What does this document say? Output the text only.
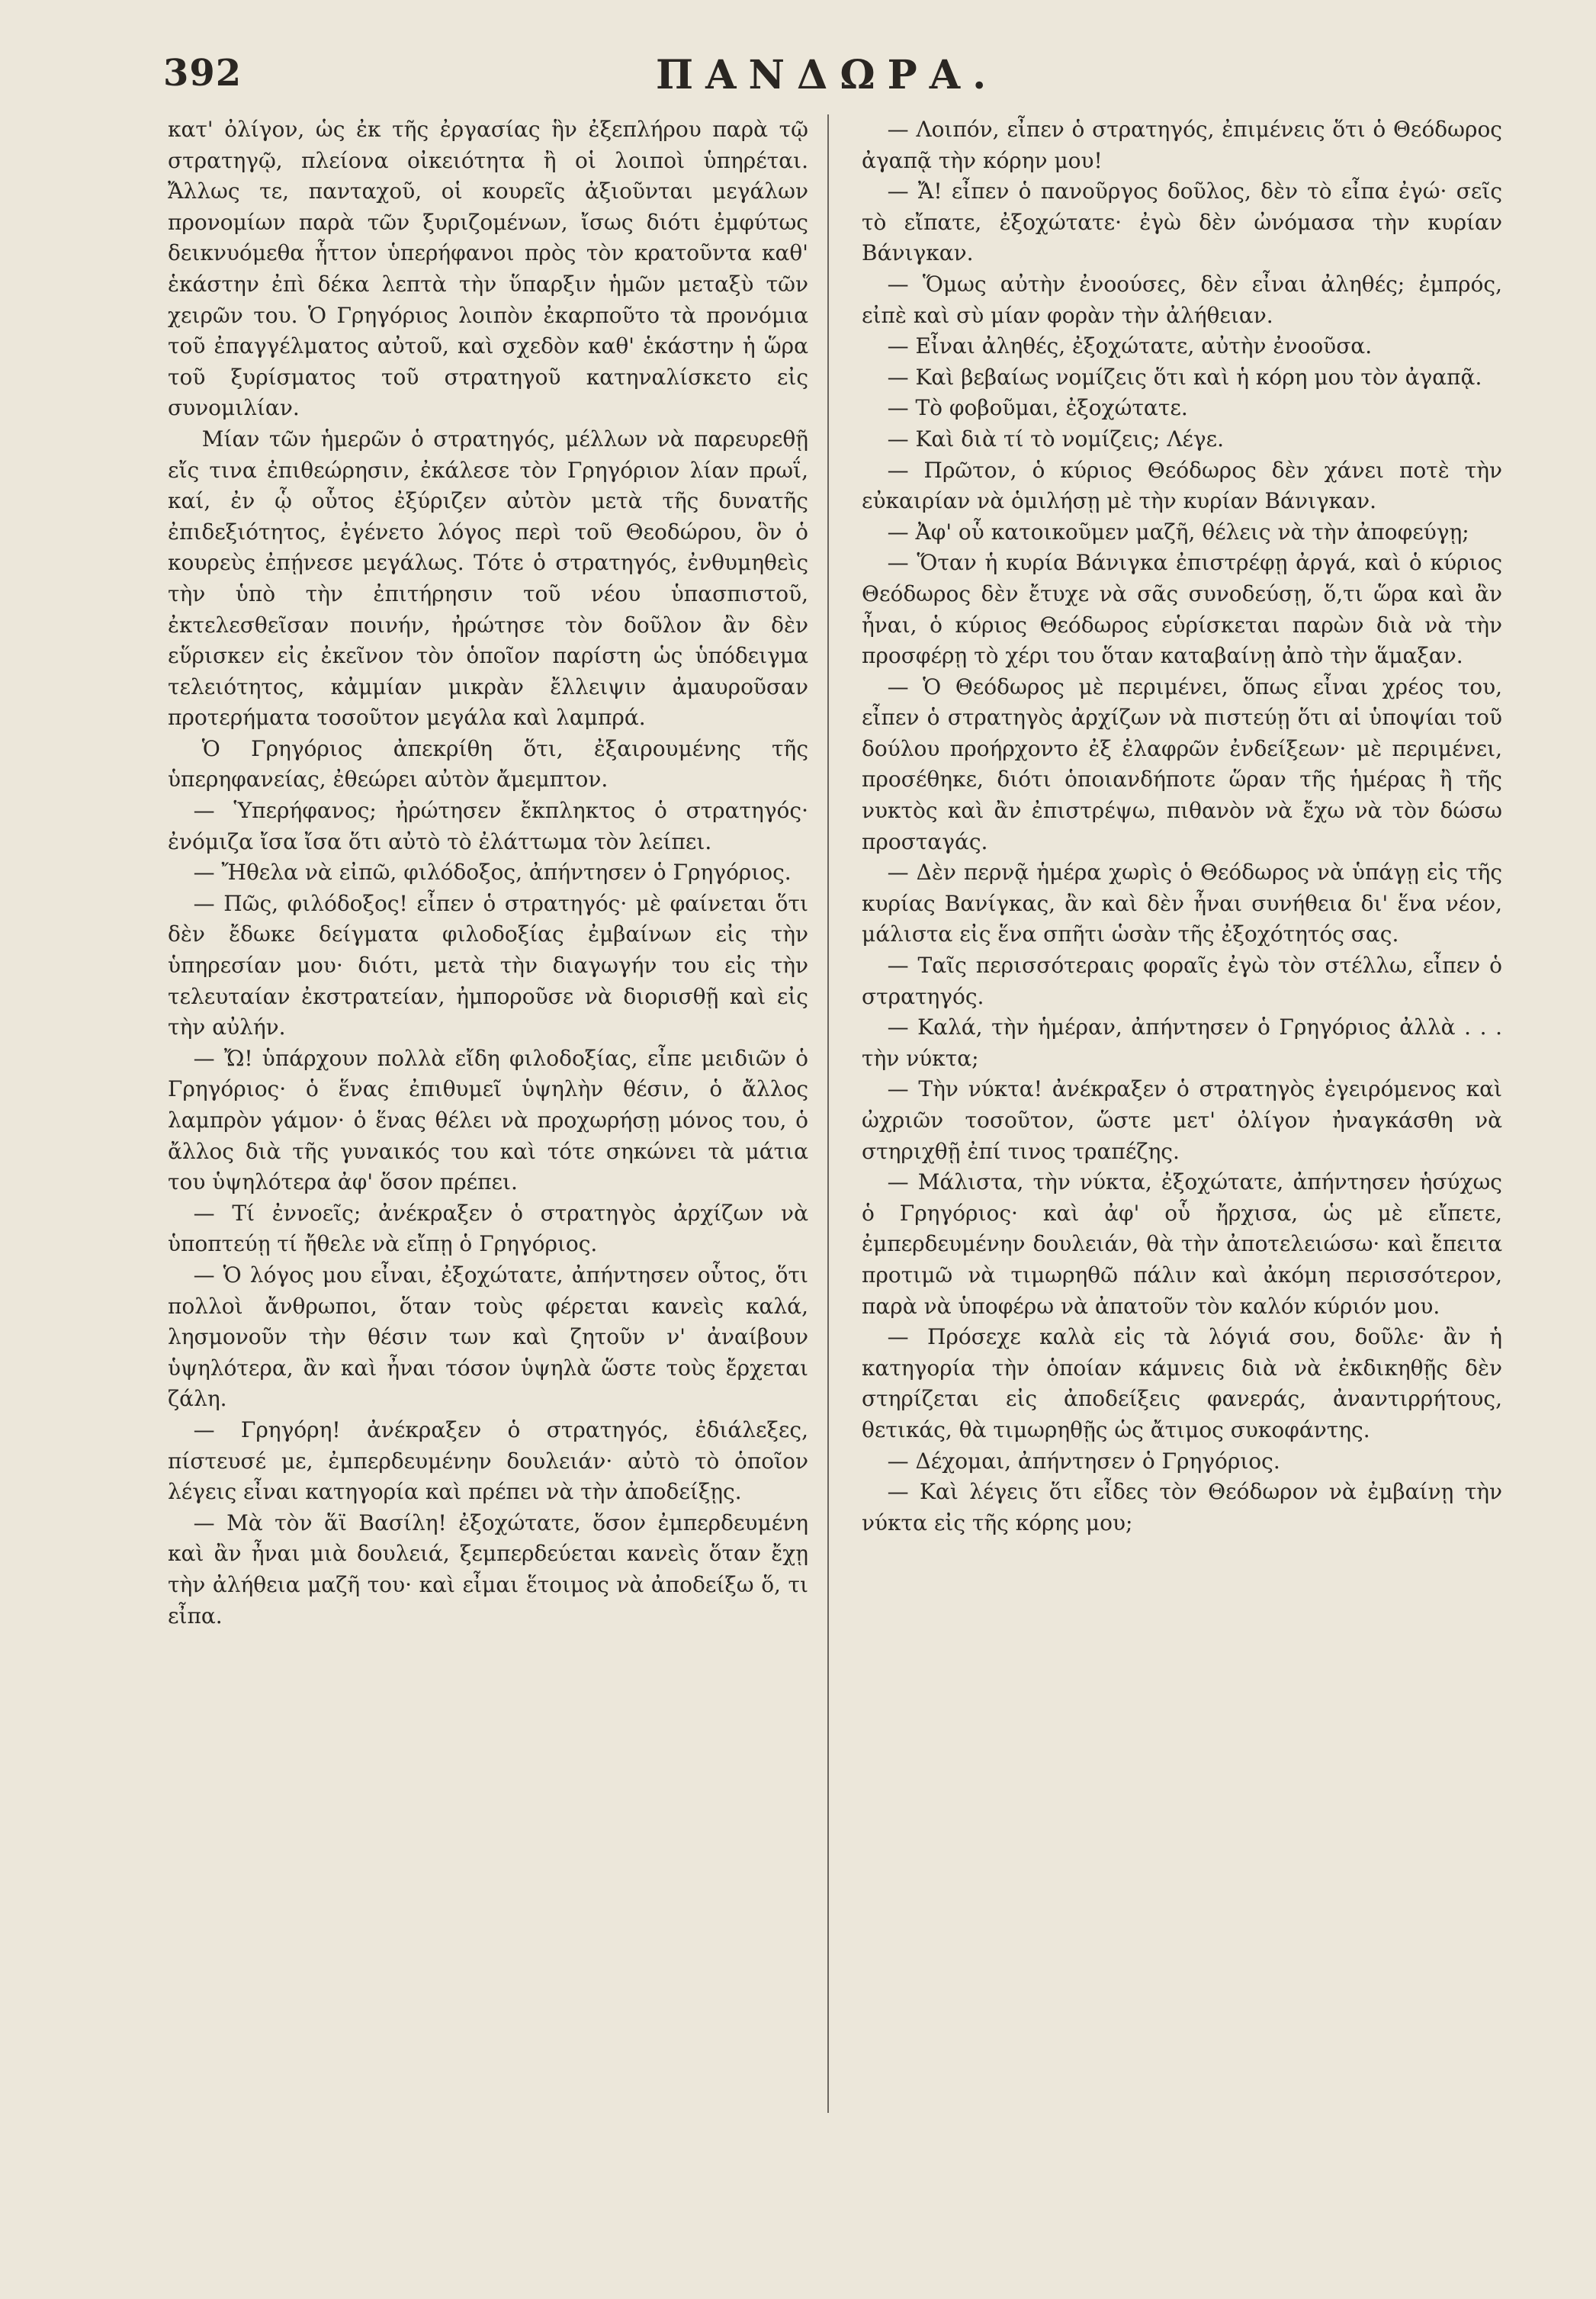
392	ΠΑΝΔΩΡΑ.

κατ' ὀλίγον, ὡς ἐκ τῆς ἐργασίας ἣν ἐξεπλήρου παρὰ τῷ στρατηγῷ, πλείονα οἰκειότητα ἢ οἱ λοιποὶ ὑπηρέται. Ἄλλως τε, πανταχοῦ, οἱ κουρεῖς ἀξιοῦνται μεγάλων προνομίων παρὰ τῶν ξυριζομένων, ἴσως διότι ἐμφύτως δεικνυόμεθα ἧττον ὑπερήφανοι πρὸς τὸν κρατοῦντα καθ' ἑκάστην ἐπὶ δέκα λεπτὰ τὴν ὕπαρξιν ἡμῶν μεταξὺ τῶν χειρῶν του. Ὁ Γρηγόριος λοιπὸν ἐκαρποῦτο τὰ προνόμια τοῦ ἐπαγγέλματος αὐτοῦ, καὶ σχεδὸν καθ' ἑκάστην ἡ ὥρα τοῦ ξυρίσματος τοῦ στρατηγοῦ κατηναλίσκετο εἰς συνομιλίαν.

Μίαν τῶν ἡμερῶν ὁ στρατηγός, μέλλων νὰ παρευρεθῇ εἴς τινα ἐπιθεώρησιν, ἐκάλεσε τὸν Γρηγόριον λίαν πρωΐ, καί, ἐν ᾧ οὗτος ἐξύριζεν αὐτὸν μετὰ τῆς δυνατῆς ἐπιδεξιότητος, ἐγένετο λόγος περὶ τοῦ Θεοδώρου, ὃν ὁ κουρεὺς ἐπῄνεσε μεγάλως. Τότε ὁ στρατηγός, ἐνθυμηθεὶς τὴν ὑπὸ τὴν ἐπιτήρησιν τοῦ νέου ὑπασπιστοῦ, ἐκτελεσθεῖσαν ποινήν, ἠρώτησε τὸν δοῦλον ἂν δὲν εὕρισκεν εἰς ἐκεῖνον τὸν ὁποῖον παρίστη ὡς ὑπόδειγμα τελειότητος, κἀμμίαν μικρὰν ἔλλειψιν ἀμαυροῦσαν προτερήματα τοσοῦτον μεγάλα καὶ λαμπρά.

Ὁ Γρηγόριος ἀπεκρίθη ὅτι, ἐξαιρουμένης τῆς ὑπερηφανείας, ἐθεώρει αὐτὸν ἄμεμπτον.

— Ὑπερήφανος; ἠρώτησεν ἔκπληκτος ὁ στρατηγός· ἐνόμιζα ἴσα ἴσα ὅτι αὐτὸ τὸ ἐλάττωμα τὸν λείπει.

— Ἤθελα νὰ εἰπῶ, φιλόδοξος, ἀπήντησεν ὁ Γρηγόριος.

— Πῶς, φιλόδοξος! εἶπεν ὁ στρατηγός· μὲ φαίνεται ὅτι δὲν ἔδωκε δείγματα φιλοδοξίας ἐμβαίνων εἰς τὴν ὑπηρεσίαν μου· διότι, μετὰ τὴν διαγωγήν του εἰς τὴν τελευταίαν ἐκστρατείαν, ἠμποροῦσε νὰ διορισθῇ καὶ εἰς τὴν αὐλήν.

— Ὤ! ὑπάρχουν πολλὰ εἴδη φιλοδοξίας, εἶπε μειδιῶν ὁ Γρηγόριος· ὁ ἕνας ἐπιθυμεῖ ὑψηλὴν θέσιν, ὁ ἄλλος λαμπρὸν γάμον· ὁ ἕνας θέλει νὰ προχωρήσῃ μόνος του, ὁ ἄλλος διὰ τῆς γυναικός του καὶ τότε σηκώνει τὰ μάτια του ὑψηλότερα ἀφ' ὅσον πρέπει.

— Τί ἐννοεῖς; ἀνέκραξεν ὁ στρατηγὸς ἀρχίζων νὰ ὑποπτεύῃ τί ἤθελε νὰ εἴπῃ ὁ Γρηγόριος.

— Ὁ λόγος μου εἶναι, ἐξοχώτατε, ἀπήντησεν οὗτος, ὅτι πολλοὶ ἄνθρωποι, ὅταν τοὺς φέρεται κανεὶς καλά, λησμονοῦν τὴν θέσιν των καὶ ζητοῦν ν' ἀναίβουν ὑψηλότερα, ἂν καὶ ἦναι τόσον ὑψηλὰ ὥστε τοὺς ἔρχεται ζάλη.

— Γρηγόρη! ἀνέκραξεν ὁ στρατηγός, ἐδιάλεξες, πίστευσέ με, ἐμπερδευμένην δουλειάν· αὐτὸ τὸ ὁποῖον λέγεις εἶναι κατηγορία καὶ πρέπει νὰ τὴν ἀποδείξῃς.

— Μὰ τὸν ἅϊ Βασίλη! ἐξοχώτατε, ὅσον ἐμπερδευμένη καὶ ἂν ἦναι μιὰ δουλειά, ξεμπερδεύεται κανεὶς ὅταν ἔχῃ τὴν ἀλήθεια μαζῆ του· καὶ εἶμαι ἕτοιμος νὰ ἀποδείξω ὅ, τι εἶπα.

— Λοιπόν, εἶπεν ὁ στρατηγός, ἐπιμένεις ὅτι ὁ Θεόδωρος ἀγαπᾷ τὴν κόρην μου!

— Ἄ! εἶπεν ὁ πανοῦργος δοῦλος, δὲν τὸ εἶπα ἐγώ· σεῖς τὸ εἴπατε, ἐξοχώτατε· ἐγὼ δὲν ὠνόμασα τὴν κυρίαν Βάνιγκαν.

— Ὅμως αὐτὴν ἐνοούσες, δὲν εἶναι ἀληθές; ἐμπρός, εἰπὲ καὶ σὺ μίαν φορὰν τὴν ἀλήθειαν.

— Εἶναι ἀληθές, ἐξοχώτατε, αὐτὴν ἐνοοῦσα.

— Καὶ βεβαίως νομίζεις ὅτι καὶ ἡ κόρη μου τὸν ἀγαπᾷ.

— Τὸ φοβοῦμαι, ἐξοχώτατε.

— Καὶ διὰ τί τὸ νομίζεις; Λέγε.

— Πρῶτον, ὁ κύριος Θεόδωρος δὲν χάνει ποτὲ τὴν εὐκαιρίαν νὰ ὁμιλήσῃ μὲ τὴν κυρίαν Βάνιγκαν.

— Ἀφ' οὗ κατοικοῦμεν μαζῆ, θέλεις νὰ τὴν ἀποφεύγῃ;

— Ὅταν ἡ κυρία Βάνιγκα ἐπιστρέφῃ ἀργά, καὶ ὁ κύριος Θεόδωρος δὲν ἔτυχε νὰ σᾶς συνοδεύσῃ, ὅ,τι ὥρα καὶ ἂν ἦναι, ὁ κύριος Θεόδωρος εὑρίσκεται παρὼν διὰ νὰ τὴν προσφέρῃ τὸ χέρι του ὅταν καταβαίνῃ ἀπὸ τὴν ἅμαξαν.

— Ὁ Θεόδωρος μὲ περιμένει, ὅπως εἶναι χρέος του, εἶπεν ὁ στρατηγὸς ἀρχίζων νὰ πιστεύῃ ὅτι αἱ ὑποψίαι τοῦ δούλου προήρχοντο ἐξ ἐλαφρῶν ἐνδείξεων· μὲ περιμένει, προσέθηκε, διότι ὁποιανδήποτε ὥραν τῆς ἡμέρας ἢ τῆς νυκτὸς καὶ ἂν ἐπιστρέψω, πιθανὸν νὰ ἔχω νὰ τὸν δώσω προσταγάς.

— Δὲν περνᾷ ἡμέρα χωρὶς ὁ Θεόδωρος νὰ ὑπάγῃ εἰς τῆς κυρίας Βανίγκας, ἂν καὶ δὲν ἦναι συνήθεια δι' ἕνα νέον, μάλιστα εἰς ἕνα σπῆτι ὡσὰν τῆς ἐξοχότητός σας.

— Ταῖς περισσότεραις φοραῖς ἐγὼ τὸν στέλλω, εἶπεν ὁ στρατηγός.

— Καλά, τὴν ἡμέραν, ἀπήντησεν ὁ Γρηγόριος ἀλλὰ . . . τὴν νύκτα;

— Τὴν νύκτα! ἀνέκραξεν ὁ στρατηγὸς ἐγειρόμενος καὶ ὠχριῶν τοσοῦτον, ὥστε μετ' ὀλίγον ἠναγκάσθη νὰ στηριχθῇ ἐπί τινος τραπέζης.

— Μάλιστα, τὴν νύκτα, ἐξοχώτατε, ἀπήντησεν ἡσύχως ὁ Γρηγόριος· καὶ ἀφ' οὗ ἤρχισα, ὡς μὲ εἴπετε, ἐμπερδευμένην δουλειάν, θὰ τὴν ἀποτελειώσω· καὶ ἔπειτα προτιμῶ νὰ τιμωρηθῶ πάλιν καὶ ἀκόμη περισσότερον, παρὰ νὰ ὑποφέρω νὰ ἀπατοῦν τὸν καλόν κύριόν μου.

— Πρόσεχε καλὰ εἰς τὰ λόγιά σου, δοῦλε· ἂν ἡ κατηγορία τὴν ὁποίαν κάμνεις διὰ νὰ ἐκδικηθῇς δὲν στηρίζεται εἰς ἀποδείξεις φανεράς, ἀναντιρρήτους, θετικάς, θὰ τιμωρηθῇς ὡς ἄτιμος συκοφάντης.

— Δέχομαι, ἀπήντησεν ὁ Γρηγόριος.

— Καὶ λέγεις ὅτι εἶδες τὸν Θεόδωρον νὰ ἐμβαίνῃ τὴν νύκτα εἰς τῆς κόρης μου;
